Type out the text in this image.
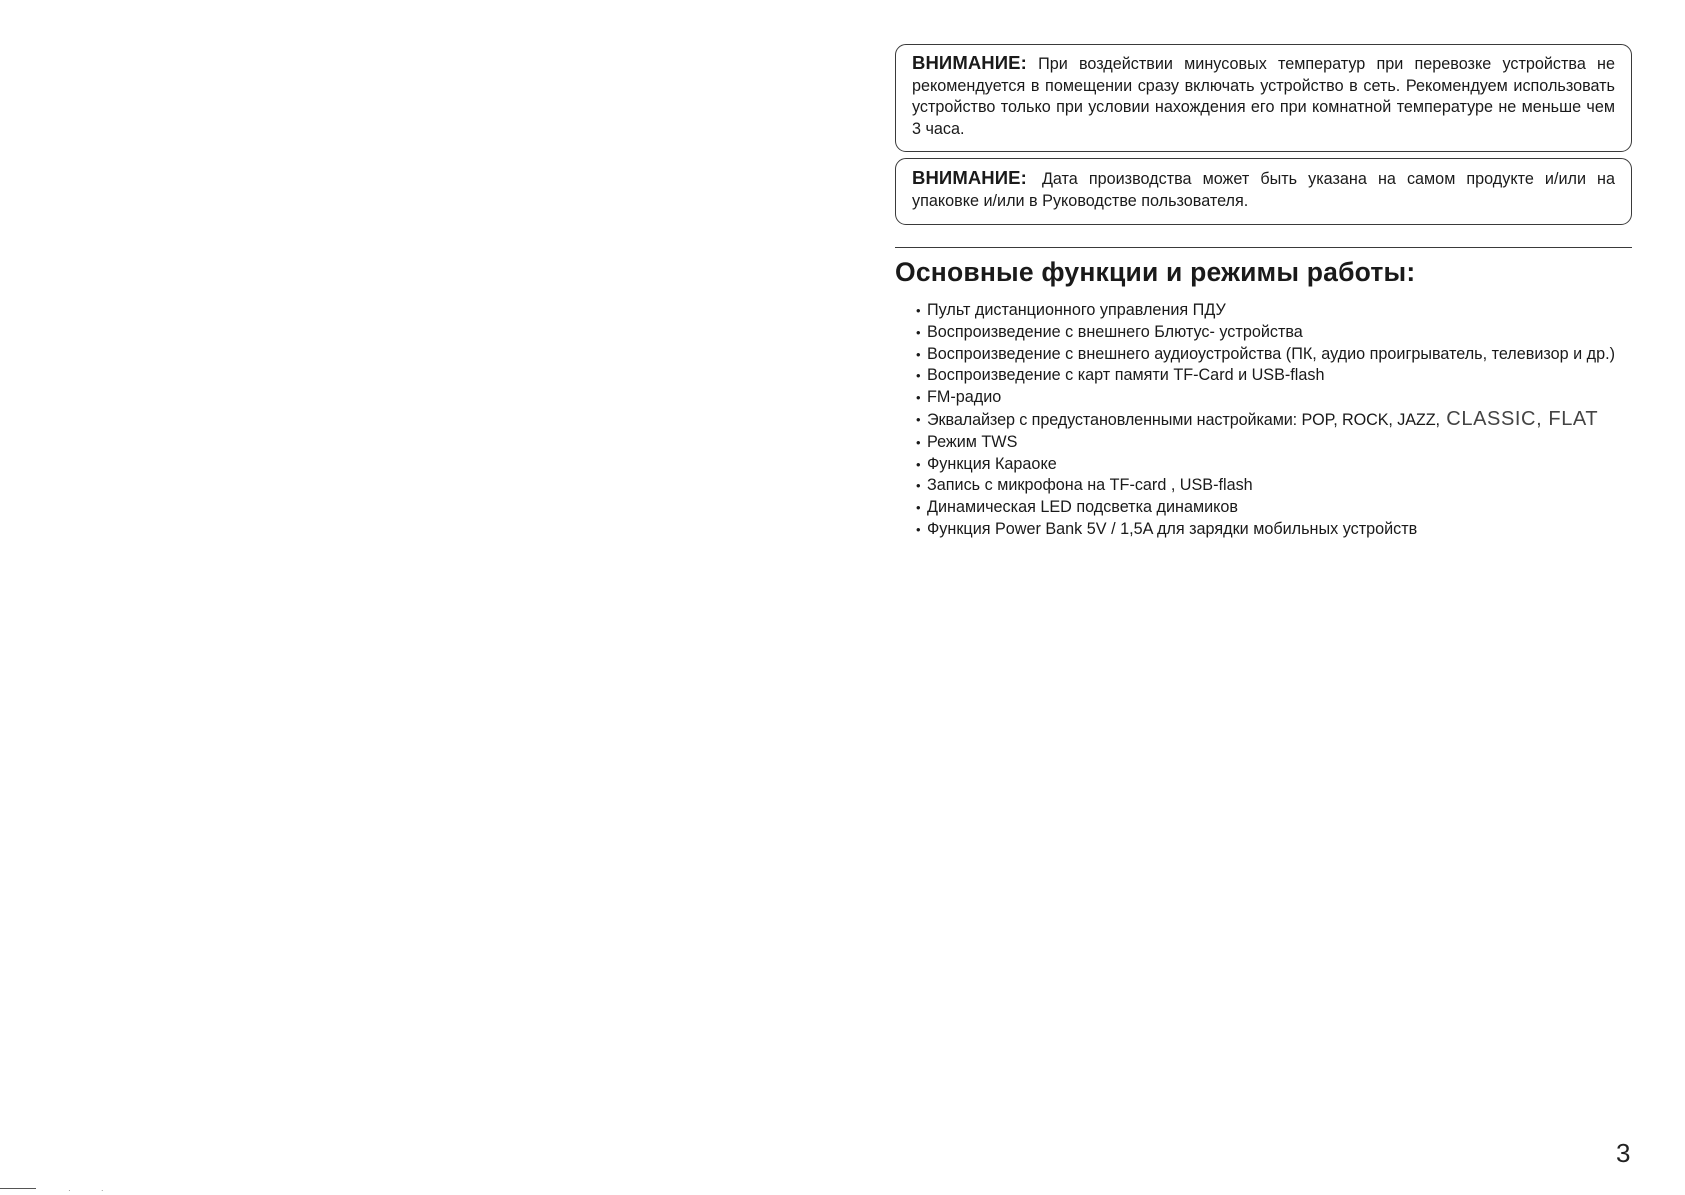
ВНИМАНИЕ: При воздействии минусовых температур при перевозке устройства не рекомендуется в помещении сразу включать устройство в сеть. Рекомендуем использовать устройство только при условии нахождения его при комнатной температуре не меньше чем 3 часа.
ВНИМАНИЕ: Дата производства может быть указана на самом продукте и/или на упаковке и/или в Руководстве пользователя.
Основные функции и режимы работы:
• Пульт дистанционного управления ПДУ
• Воспроизведение с внешнего Блютус- устройства
• Воспроизведение с внешнего аудиоустройства (ПК, аудио проигрыватель, телевизор и др.)
• Воспроизведение с карт памяти TF-Card и USB-flash
• FM-радио
• Эквалайзер с предустановленными настройками: POP, ROCK, JAZZ, CLASSIC, FLAT
• Режим TWS
• Функция Караоке
• Запись с микрофона на TF-card , USB-flash
• Динамическая LED подсветка динамиков
• Функция Power Bank 5V / 1,5A для зарядки мобильных устройств
3
· ·
